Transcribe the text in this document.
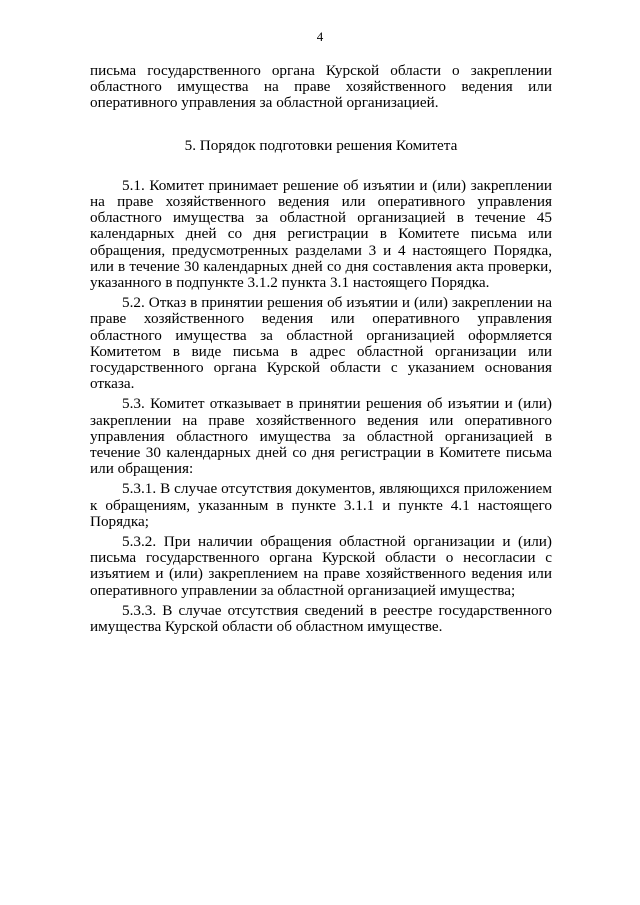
4

письма государственного органа Курской области о закреплении областного имущества на праве хозяйственного ведения или оперативного управления за областной организацией.

5. Порядок подготовки решения Комитета

5.1. Комитет принимает решение об изъятии и (или) закреплении на праве хозяйственного ведения или оперативного управления областного имущества за областной организацией в течение 45 календарных дней со дня регистрации в Комитете письма или обращения, предусмотренных разделами 3 и 4 настоящего Порядка, или в течение 30 календарных дней со дня составления акта проверки, указанного в подпункте 3.1.2 пункта 3.1 настоящего Порядка.

5.2. Отказ в принятии решения об изъятии и (или) закреплении на праве хозяйственного ведения или оперативного управления областного имущества за областной организацией оформляется Комитетом в виде письма в адрес областной организации или государственного органа Курской области с указанием основания отказа.

5.3. Комитет отказывает в принятии решения об изъятии и (или) закреплении на праве хозяйственного ведения или оперативного управления областного имущества за областной организацией в течение 30 календарных дней со дня регистрации в Комитете письма или обращения:

5.3.1. В случае отсутствия документов, являющихся приложением к обращениям, указанным в пункте 3.1.1 и пункте 4.1 настоящего Порядка;

5.3.2. При наличии обращения областной организации и (или) письма государственного органа Курской области о несогласии с изъятием и (или) закреплением на праве хозяйственного ведения или оперативного управлении за областной организацией имущества;

5.3.3. В случае отсутствия сведений в реестре государственного имущества Курской области об областном имуществе.
